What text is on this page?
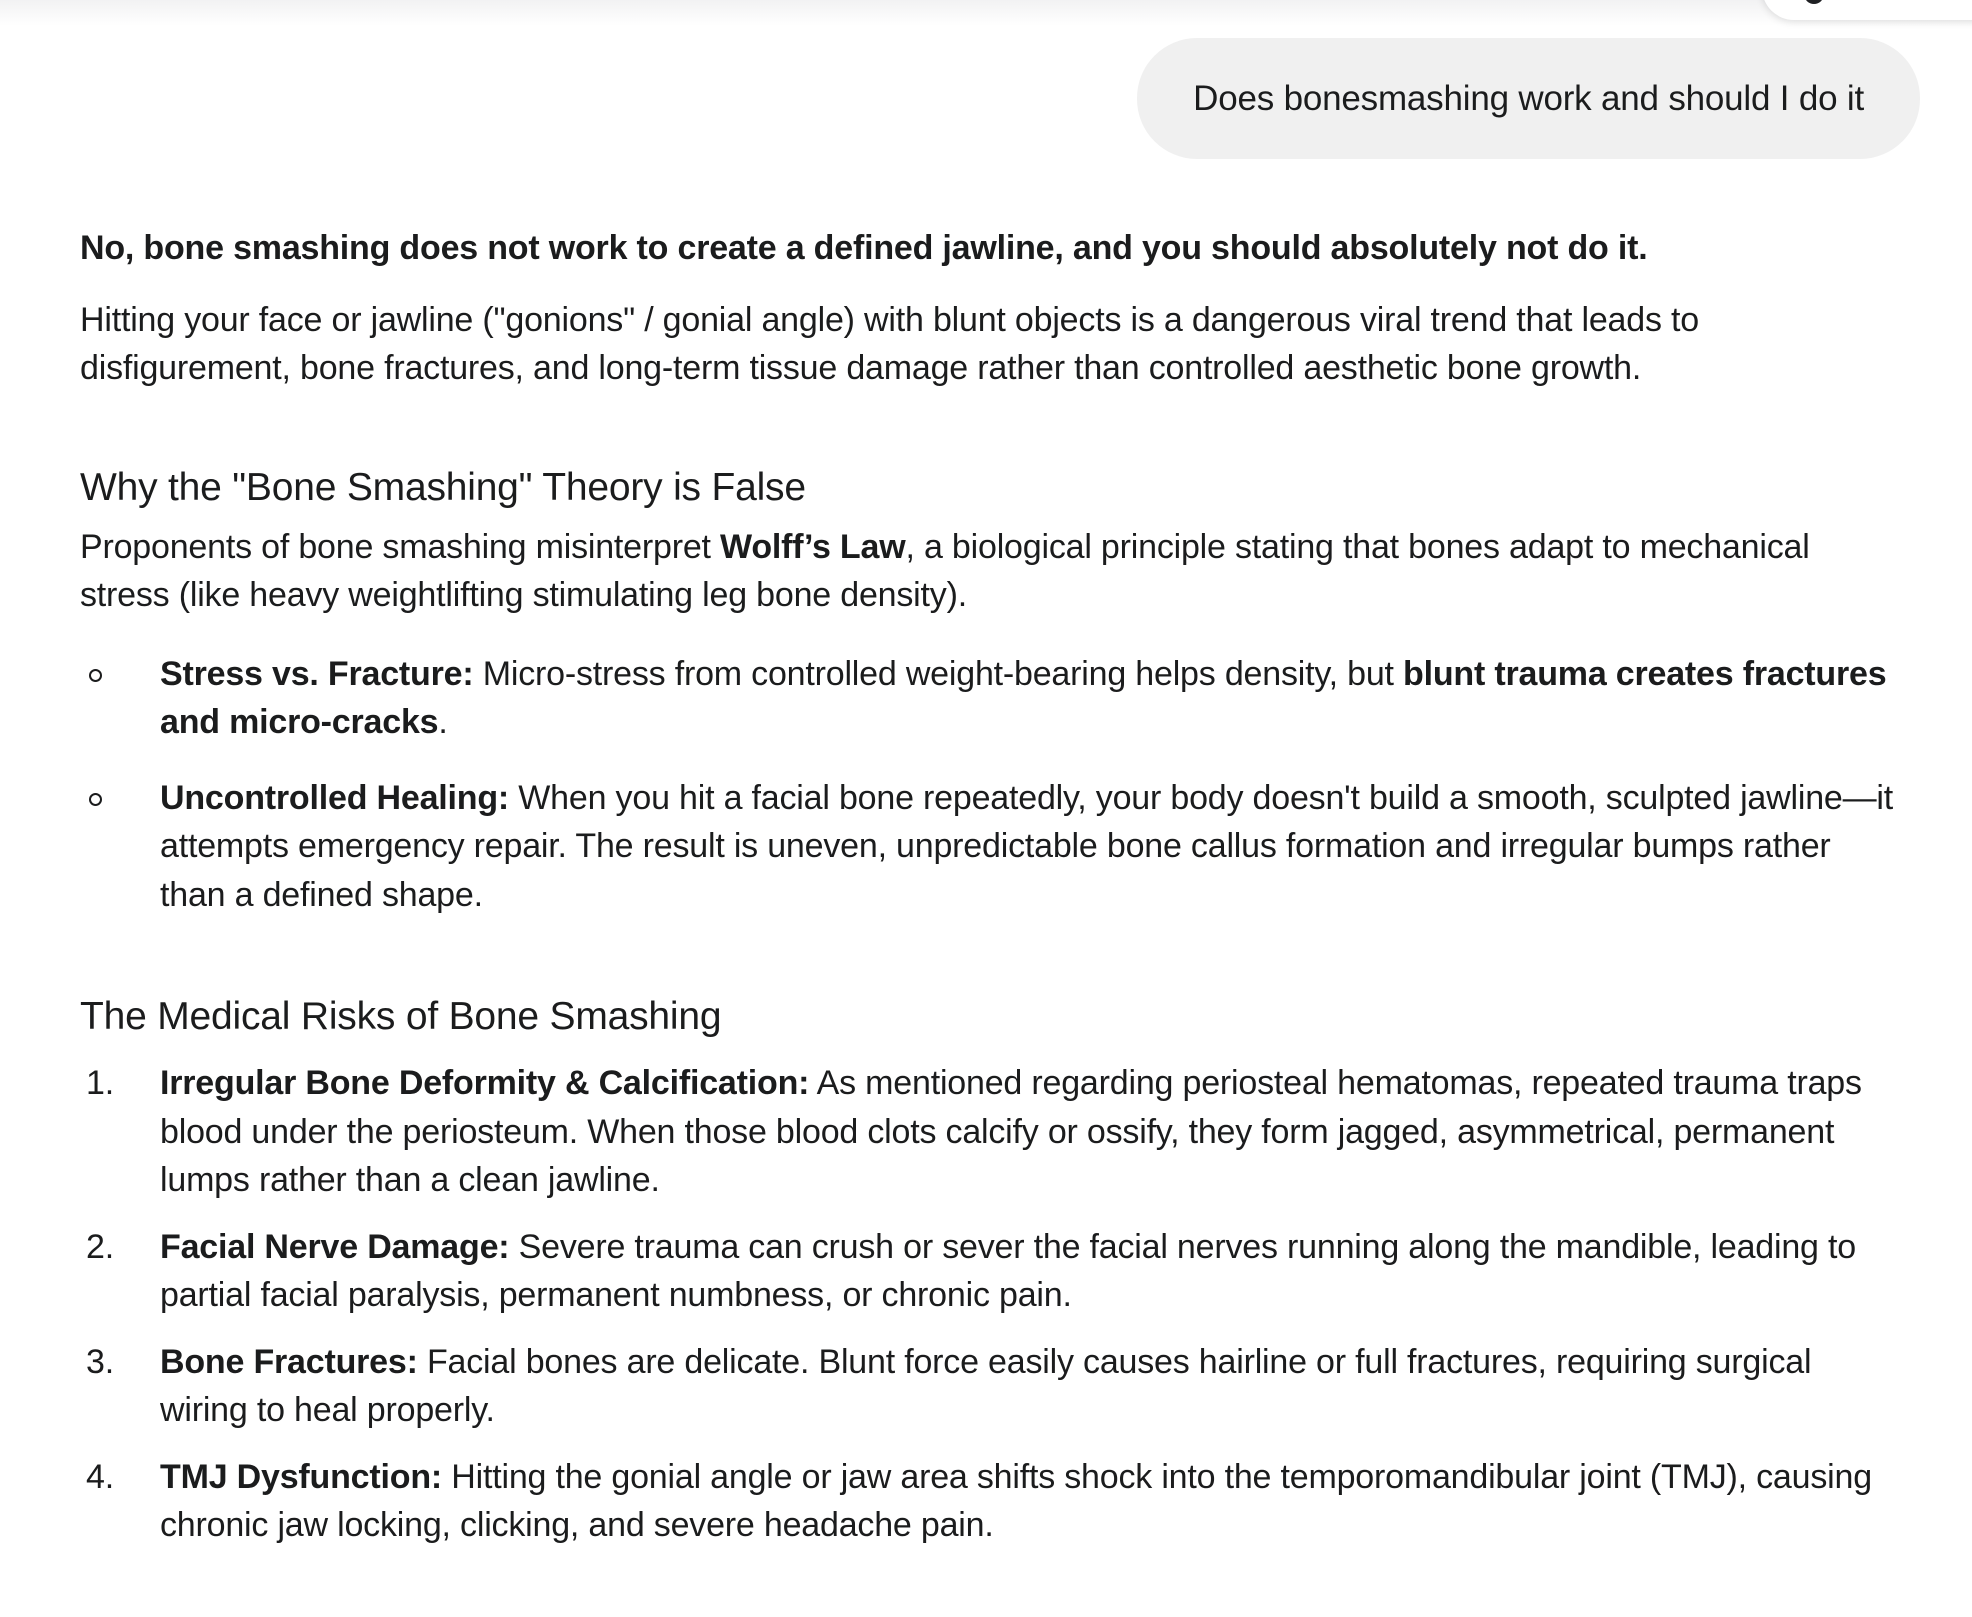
Does bonesmashing work and should I do it

No, bone smashing does not work to create a defined jawline, and you should absolutely not do it.

Hitting your face or jawline ("gonions" / gonial angle) with blunt objects is a dangerous viral trend that leads to disfigurement, bone fractures, and long-term tissue damage rather than controlled aesthetic bone growth.

Why the "Bone Smashing" Theory is False

Proponents of bone smashing misinterpret Wolff’s Law, a biological principle stating that bones adapt to mechanical stress (like heavy weightlifting stimulating leg bone density).

Stress vs. Fracture: Micro-stress from controlled weight-bearing helps density, but blunt trauma creates fractures and micro-cracks.
Uncontrolled Healing: When you hit a facial bone repeatedly, your body doesn't build a smooth, sculpted jawline—it attempts emergency repair. The result is uneven, unpredictable bone callus formation and irregular bumps rather than a defined shape.
The Medical Risks of Bone Smashing
1. Irregular Bone Deformity & Calcification: As mentioned regarding periosteal hematomas, repeated trauma traps blood under the periosteum. When those blood clots calcify or ossify, they form jagged, asymmetrical, permanent lumps rather than a clean jawline.
2. Facial Nerve Damage: Severe trauma can crush or sever the facial nerves running along the mandible, leading to partial facial paralysis, permanent numbness, or chronic pain.
3. Bone Fractures: Facial bones are delicate. Blunt force easily causes hairline or full fractures, requiring surgical wiring to heal properly.
4. TMJ Dysfunction: Hitting the gonial angle or jaw area shifts shock into the temporomandibular joint (TMJ), causing chronic jaw locking, clicking, and severe headache pain.
